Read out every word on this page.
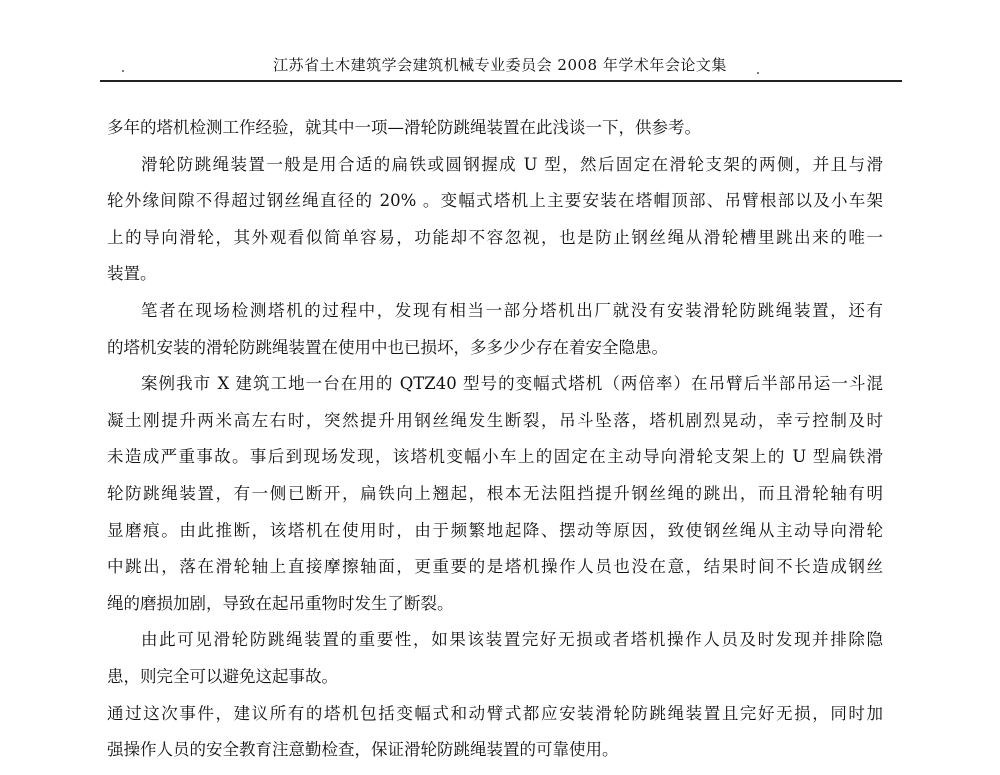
江苏省土木建筑学会建筑机械专业委员会 2008 年学术年会论文集
多年的塔机检测工作经验，就其中一项—滑轮防跳绳装置在此浅谈一下，供参考。
滑轮防跳绳装置一般是用合适的扁铁或圆钢握成 U 型，然后固定在滑轮支架的两侧，并且与滑
轮外缘间隙不得超过钢丝绳直径的 20% 。变幅式塔机上主要安装在塔帽顶部、吊臂根部以及小车架
上的导向滑轮，其外观看似简单容易，功能却不容忽视，也是防止钢丝绳从滑轮槽里跳出来的唯一
装置。
笔者在现场检测塔机的过程中，发现有相当一部分塔机出厂就没有安装滑轮防跳绳装置，还有
的塔机安装的滑轮防跳绳装置在使用中也已损坏，多多少少存在着安全隐患。
案例我市 X 建筑工地一台在用的 QTZ40 型号的变幅式塔机（两倍率）在吊臂后半部吊运一斗混
凝土刚提升两米高左右时，突然提升用钢丝绳发生断裂，吊斗坠落，塔机剧烈晃动，幸亏控制及时
未造成严重事故。事后到现场发现，该塔机变幅小车上的固定在主动导向滑轮支架上的 U 型扁铁滑
轮防跳绳装置，有一侧已断开，扁铁向上翘起，根本无法阻挡提升钢丝绳的跳出，而且滑轮轴有明
显磨痕。由此推断，该塔机在使用时，由于频繁地起降、摆动等原因，致使钢丝绳从主动导向滑轮
中跳出，落在滑轮轴上直接摩擦轴面，更重要的是塔机操作人员也没在意，结果时间不长造成钢丝
绳的磨损加剧，导致在起吊重物时发生了断裂。
由此可见滑轮防跳绳装置的重要性，如果该装置完好无损或者塔机操作人员及时发现并排除隐
患，则完全可以避免这起事故。
通过这次事件，建议所有的塔机包括变幅式和动臂式都应安装滑轮防跳绳装置且完好无损，同时加
强操作人员的安全教育注意勤检查，保证滑轮防跳绳装置的可靠使用。
